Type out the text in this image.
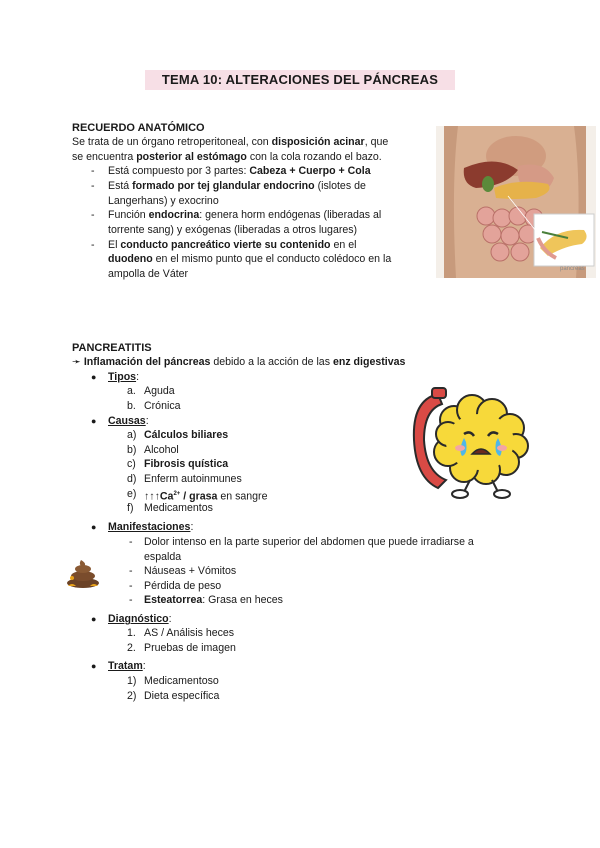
TEMA 10: ALTERACIONES DEL PÁNCREAS
RECUERDO ANATÓMICO
Se trata de un órgano retroperitoneal, con disposición acinar, que
se encuentra posterior al estómago con la cola rozando el bazo.
- Está compuesto por 3 partes: Cabeza + Cuerpo + Cola
- Está formado por tej glandular endocrino (islotes de
Langerhans) y exocrino
- Función endocrina: genera horm endógenas (liberadas al
torrente sang) y exógenas (liberadas a otros lugares)
- El conducto pancreático vierte su contenido en el
duodeno en el mismo punto que el conducto colédoco en la
ampolla de Váter	pancreas
PANCREATITIS
➛ Inflamación del páncreas debido a la acción de las enz digestivas
● Tipos:
a. Aguda
b. Crónica
● Causas:
a) Cálculos biliares
b) Alcohol
c) Fibrosis quística
d) Enferm autoinmunes
e) $↑↑↑Ca^{2+}$ / grasa en sangre
f) Medicamentos
● Manifestaciones:
- Dolor intenso en la parte superior del abdomen que puede irradiarse a
espalda
- Náuseas + Vómitos
- Pérdida de peso
- Esteatorrea: Grasa en heces
● Diagnóstico:
1. AS / Análisis heces
2. Pruebas de imagen
● Tratam:
1) Medicamentoso
2) Dieta específica
